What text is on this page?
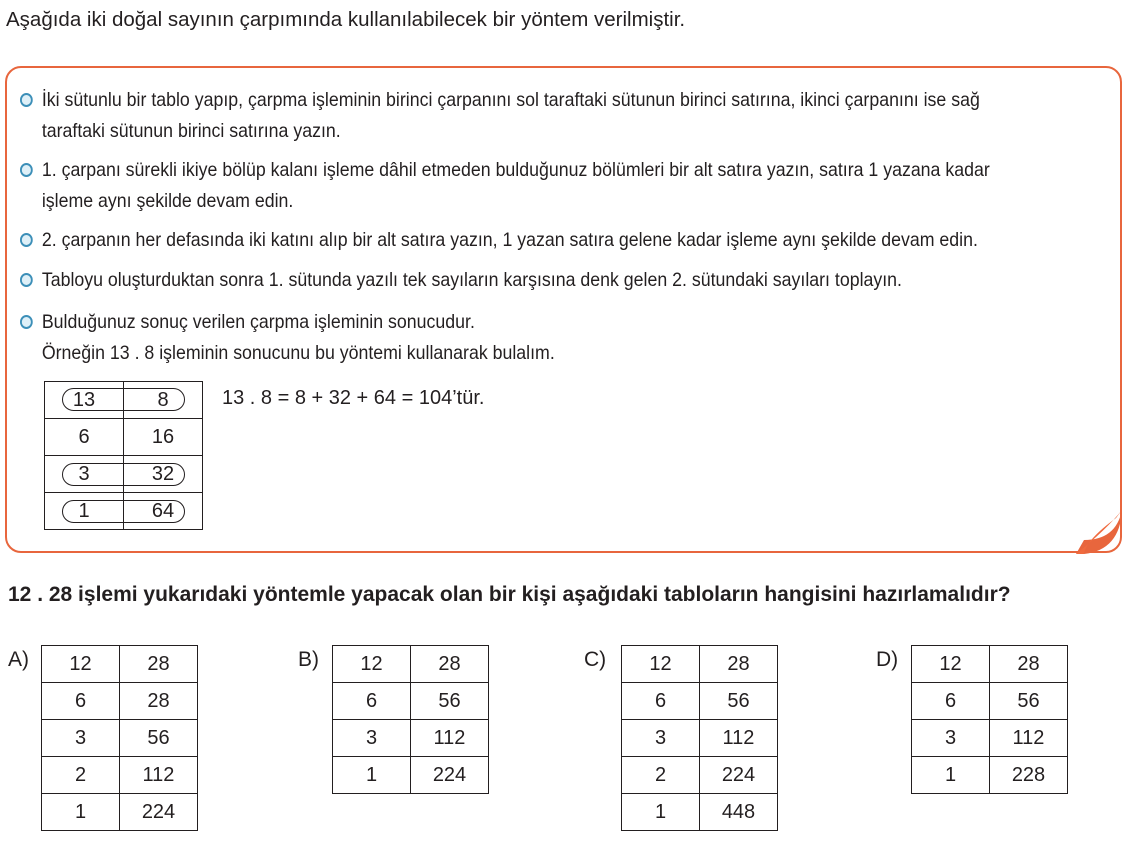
Aşağıda iki doğal sayının çarpımında kullanılabilecek bir yöntem verilmiştir.
İki sütunlu bir tablo yapıp, çarpma işleminin birinci çarpanını sol taraftaki sütunun birinci satırına, ikinci çarpanını ise sağ taraftaki sütunun birinci satırına yazın.
1. çarpanı sürekli ikiye bölüp kalanı işleme dâhil etmeden bulduğunuz bölümleri bir alt satıra yazın, satıra 1 yazana kadar işleme aynı şekilde devam edin.
2. çarpanın her defasında iki katını alıp bir alt satıra yazın, 1 yazan satıra gelene kadar işleme aynı şekilde devam edin.
Tabloyu oluşturduktan sonra 1. sütunda yazılı tek sayıların karşısına denk gelen 2. sütundaki sayıları toplayın.
Bulduğunuz sonuç verilen çarpma işleminin sonucudur.
Örneğin 13 . 8 işleminin sonucunu bu yöntemi kullanarak bulalım.
13	8
6	16
3	32
1	64
13 . 8 = 8 + 32 + 64 = 104’tür.
12 . 28 işlemi yukarıdaki yöntemle yapacak olan bir kişi aşağıdaki tabloların hangisini hazırlamalıdır?
A) 12	28
6	28
3	56
2	112
1	224
B) 12	28
6	56
3	112
1	224
C) 12	28
6	56
3	112
2	224
1	448
D) 12	28
6	56
3	112
1	228
